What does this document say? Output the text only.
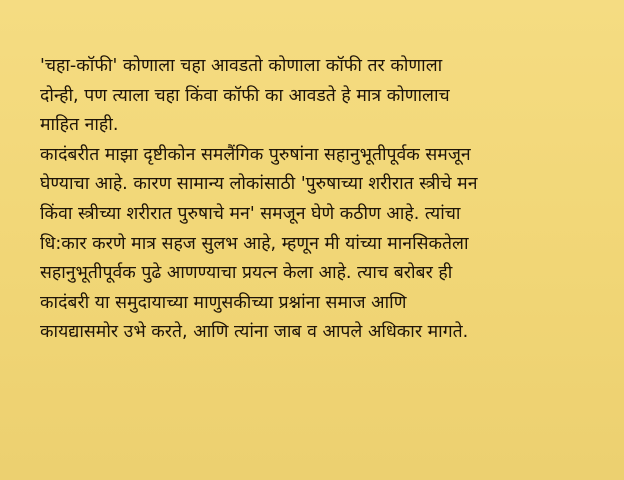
'चहा-कॉफी' कोणाला चहा आवडतो कोणाला कॉफी तर कोणाला
दोन्ही, पण त्याला चहा किंवा कॉफी का आवडते हे मात्र कोणालाच
माहित नाही.
कादंबरीत माझा दृष्टीकोन समलैंगिक पुरुषांना सहानुभूतीपूर्वक समजून
घेण्याचा आहे. कारण सामान्य लोकांसाठी 'पुरुषाच्या शरीरात स्त्रीचे मन
किंवा स्त्रीच्या शरीरात पुरुषाचे मन' समजून घेणे कठीण आहे. त्यांचा
धि:कार करणे मात्र सहज सुलभ आहे, म्हणून मी यांच्या मानसिकतेला
सहानुभूतीपूर्वक पुढे आणण्याचा प्रयत्न केला आहे. त्याच बरोबर ही
कादंबरी या समुदायाच्या माणुसकीच्या प्रश्नांना समाज आणि
कायद्यासमोर उभे करते, आणि त्यांना जाब व आपले अधिकार मागते.
